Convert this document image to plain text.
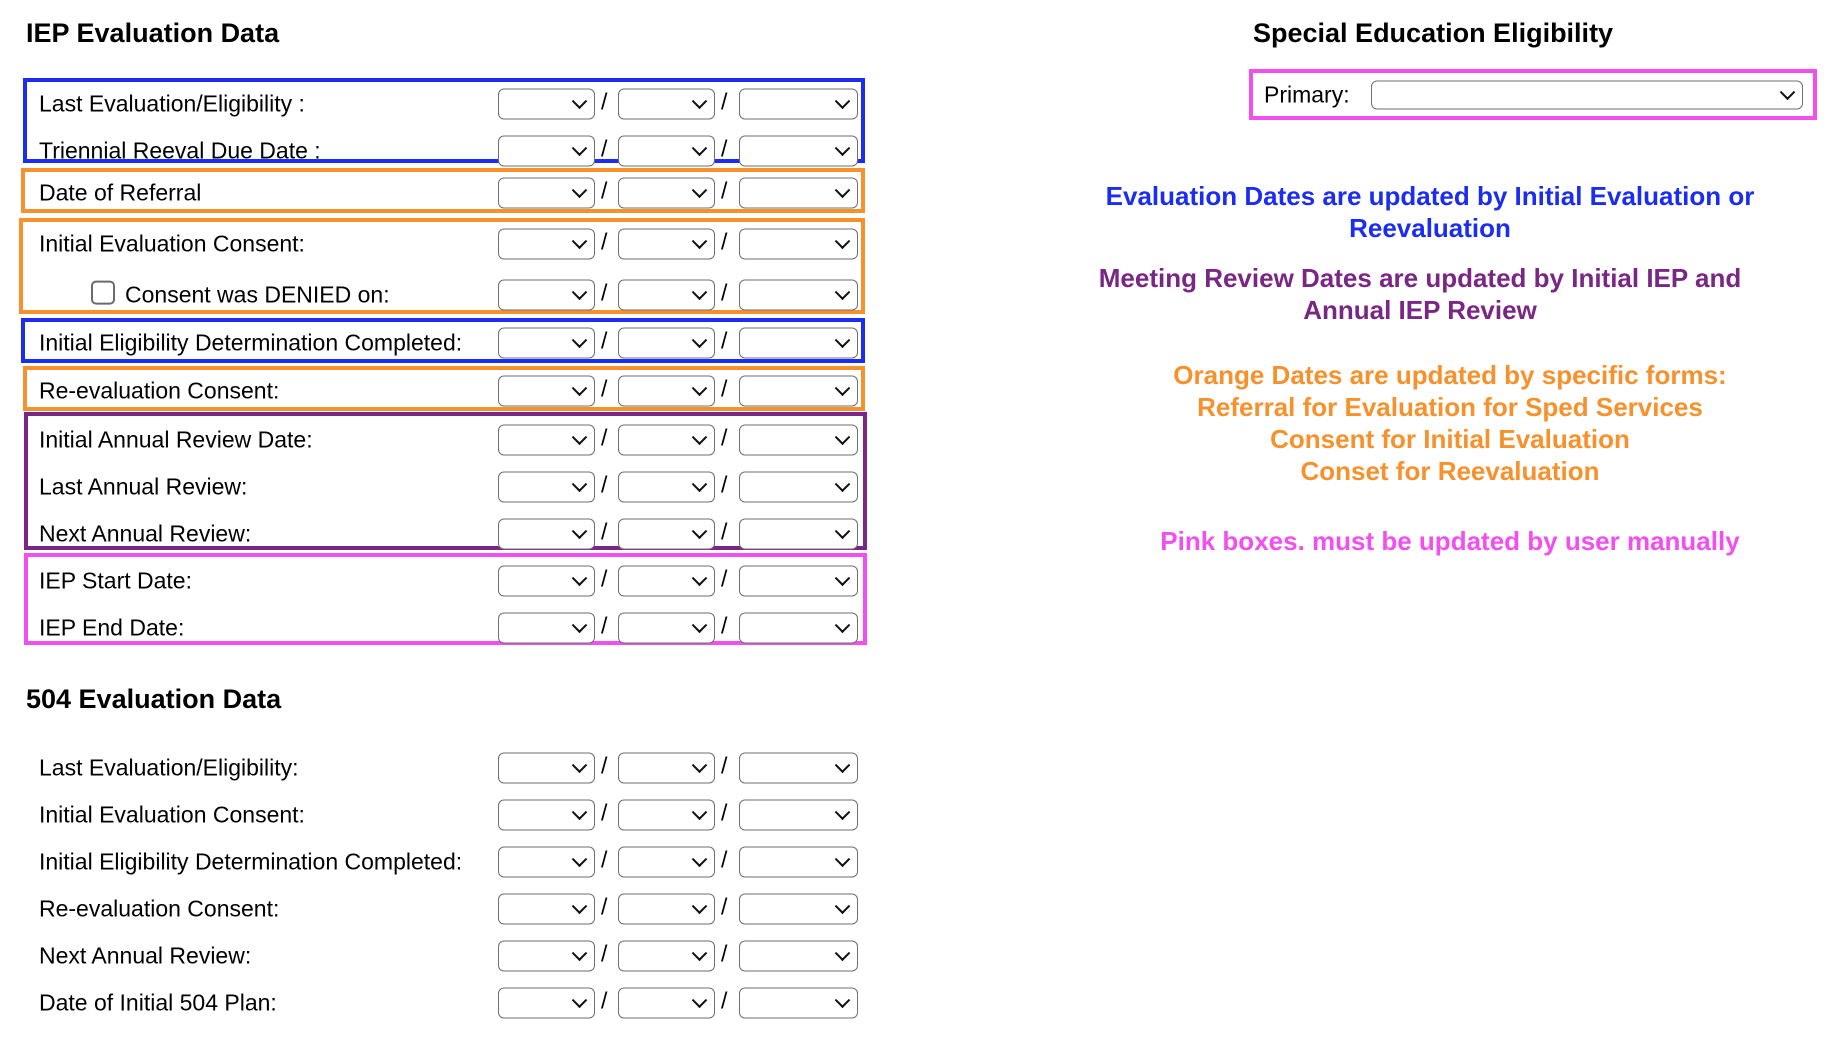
IEP Evaluation Data
Last Evaluation/Eligibility :	/	/
Triennial Reeval Due Date :	/	/
Date of Referral	/	/
Initial Evaluation Consent:	/	/
Consent was DENIED on:	/	/
Initial Eligibility Determination Completed:	/	/
Re-evaluation Consent:	/	/
Initial Annual Review Date:	/	/
Last Annual Review:	/	/
Next Annual Review:	/	/
IEP Start Date:	/	/
IEP End Date:	/	/
504 Evaluation Data
Last Evaluation/Eligibility:	/	/
Initial Evaluation Consent:	/	/
Initial Eligibility Determination Completed:	/	/
Re-evaluation Consent:	/	/
Next Annual Review:	/	/
Date of Initial 504 Plan:	/	/
Special Education Eligibility
Primary:
Evaluation Dates are updated by Initial Evaluation or
Reevaluation
Meeting Review Dates are updated by Initial IEP and
Annual IEP Review
Orange Dates are updated by specific forms:
Referral for Evaluation for Sped Services
Consent for Initial Evaluation
Conset for Reevaluation
Pink boxes. must be updated by user manually
